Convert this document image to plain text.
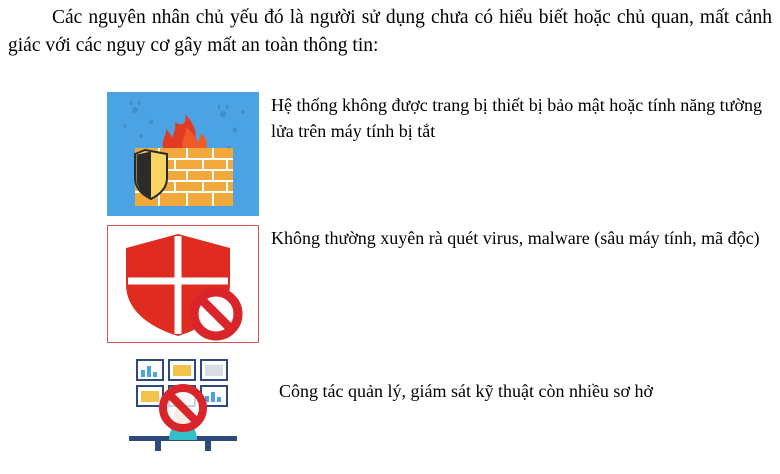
Các nguyên nhân chủ yếu đó là người sử dụng chưa có hiểu biết hoặc chủ quan, mất cảnh giác với các nguy cơ gây mất an toàn thông tin:
Hệ thống không được trang bị thiết bị bảo mật hoặc tính năng tường lửa trên máy tính bị tắt
Không thường xuyên rà quét virus, malware (sâu máy tính, mã độc)
Công tác quản lý, giám sát kỹ thuật còn nhiều sơ hở
